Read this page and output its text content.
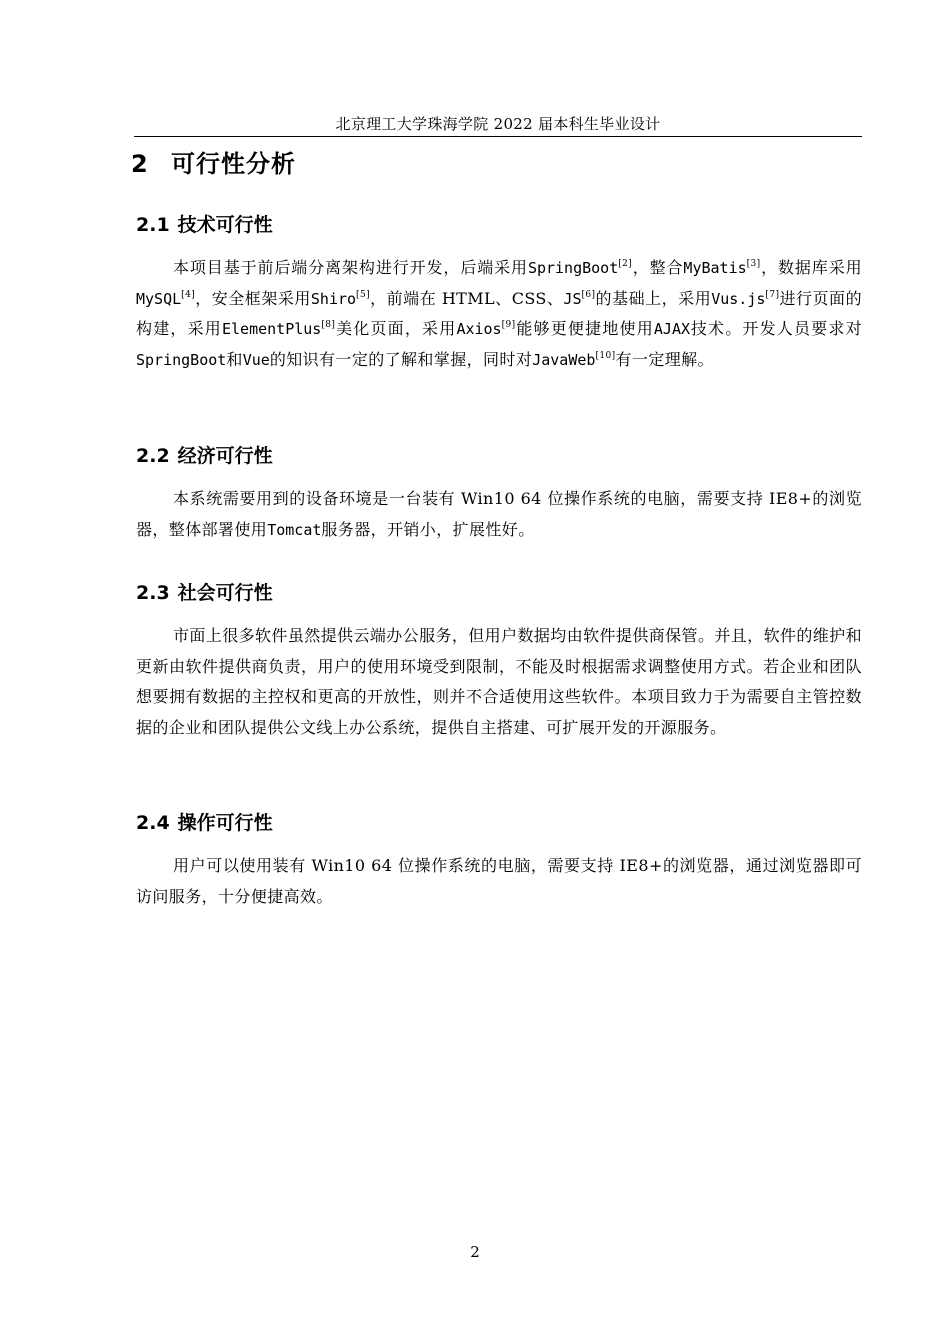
北京理工大学珠海学院 2022 届本科生毕业设计
2 可行性分析
2.1 技术可行性

本项目基于前后端分离架构进行开发，后端采用SpringBoot[2]，整合MyBatis[3]，数据库采用MySQL[4]，安全框架采用Shiro[5]，前端在 HTML、CSS、JS[6]的基础上，采用Vus.js[7]进行页面的构建，采用ElementPlus[8]美化页面，采用Axios[9]能够更便捷地使用AJAX技术。开发人员要求对SpringBoot和Vue的知识有一定的了解和掌握，同时对JavaWeb[10]有一定理解。

2.2 经济可行性

本系统需要用到的设备环境是一台装有 Win10 64 位操作系统的电脑，需要支持 IE8+的浏览器，整体部署使用Tomcat服务器，开销小，扩展性好。

2.3 社会可行性

市面上很多软件虽然提供云端办公服务，但用户数据均由软件提供商保管。并且，软件的维护和更新由软件提供商负责，用户的使用环境受到限制，不能及时根据需求调整使用方式。若企业和团队想要拥有数据的主控权和更高的开放性，则并不合适使用这些软件。本项目致力于为需要自主管控数据的企业和团队提供公文线上办公系统，提供自主搭建、可扩展开发的开源服务。

2.4 操作可行性

用户可以使用装有 Win10 64 位操作系统的电脑，需要支持 IE8+的浏览器，通过浏览器即可访问服务，十分便捷高效。

2
